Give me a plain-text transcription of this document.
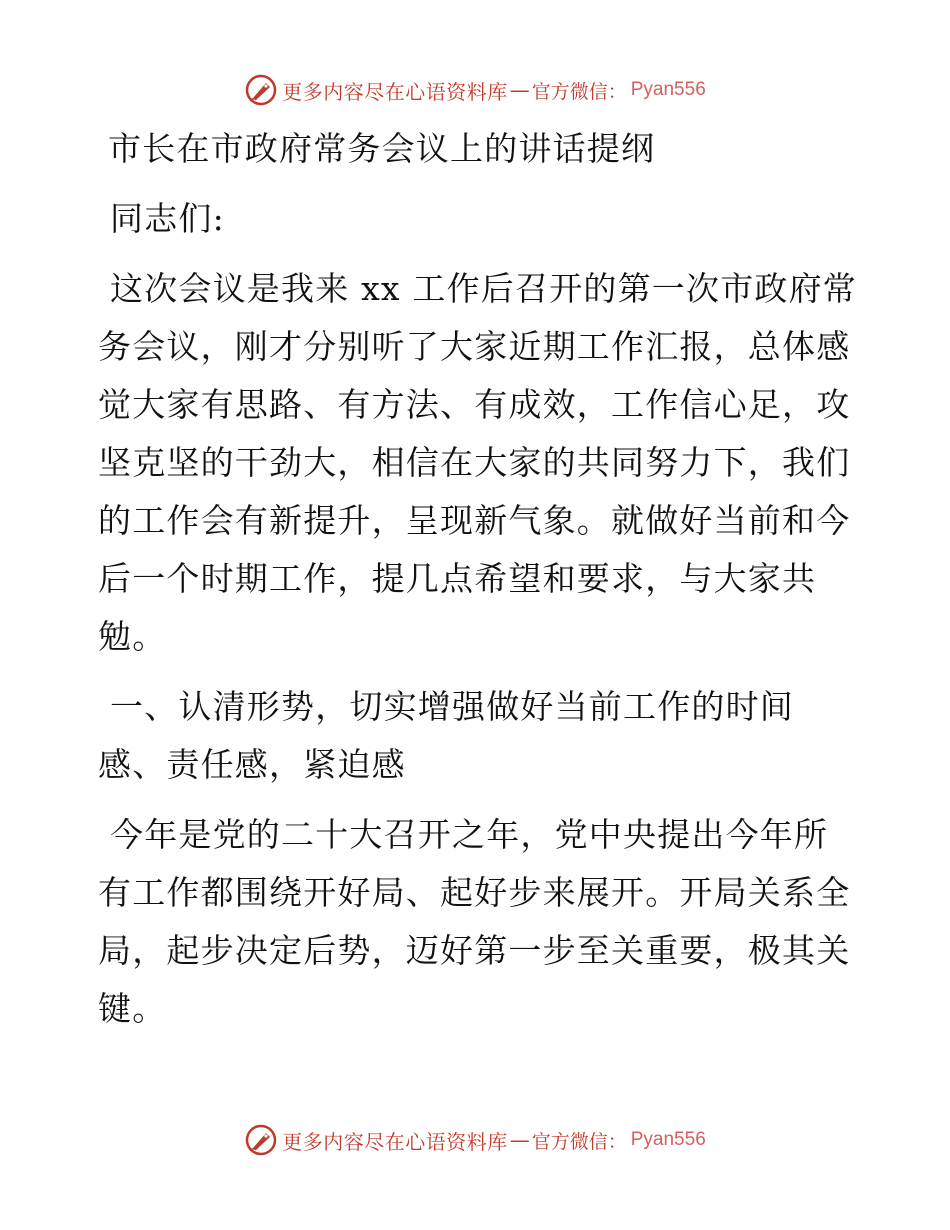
更多内容尽在心语资料库 — 官方微信： Pyan556
市长在市政府常务会议上的讲话提纲
同志们:
这次会议是我来 xx 工作后召开的第一次市政府常
务会议，刚才分别听了大家近期工作汇报，总体感
觉大家有思路、有方法、有成效，工作信心足，攻
坚克坚的干劲大，相信在大家的共同努力下，我们
的工作会有新提升，呈现新气象。就做好当前和今
后一个时期工作，提几点希望和要求，与大家共
勉。
一、认清形势，切实增强做好当前工作的时间
感、责任感，紧迫感
今年是党的二十大召开之年，党中央提出今年所
有工作都围绕开好局、起好步来展开。开局关系全
局，起步决定后势，迈好第一步至关重要，极其关
键。
更多内容尽在心语资料库 — 官方微信： Pyan556
